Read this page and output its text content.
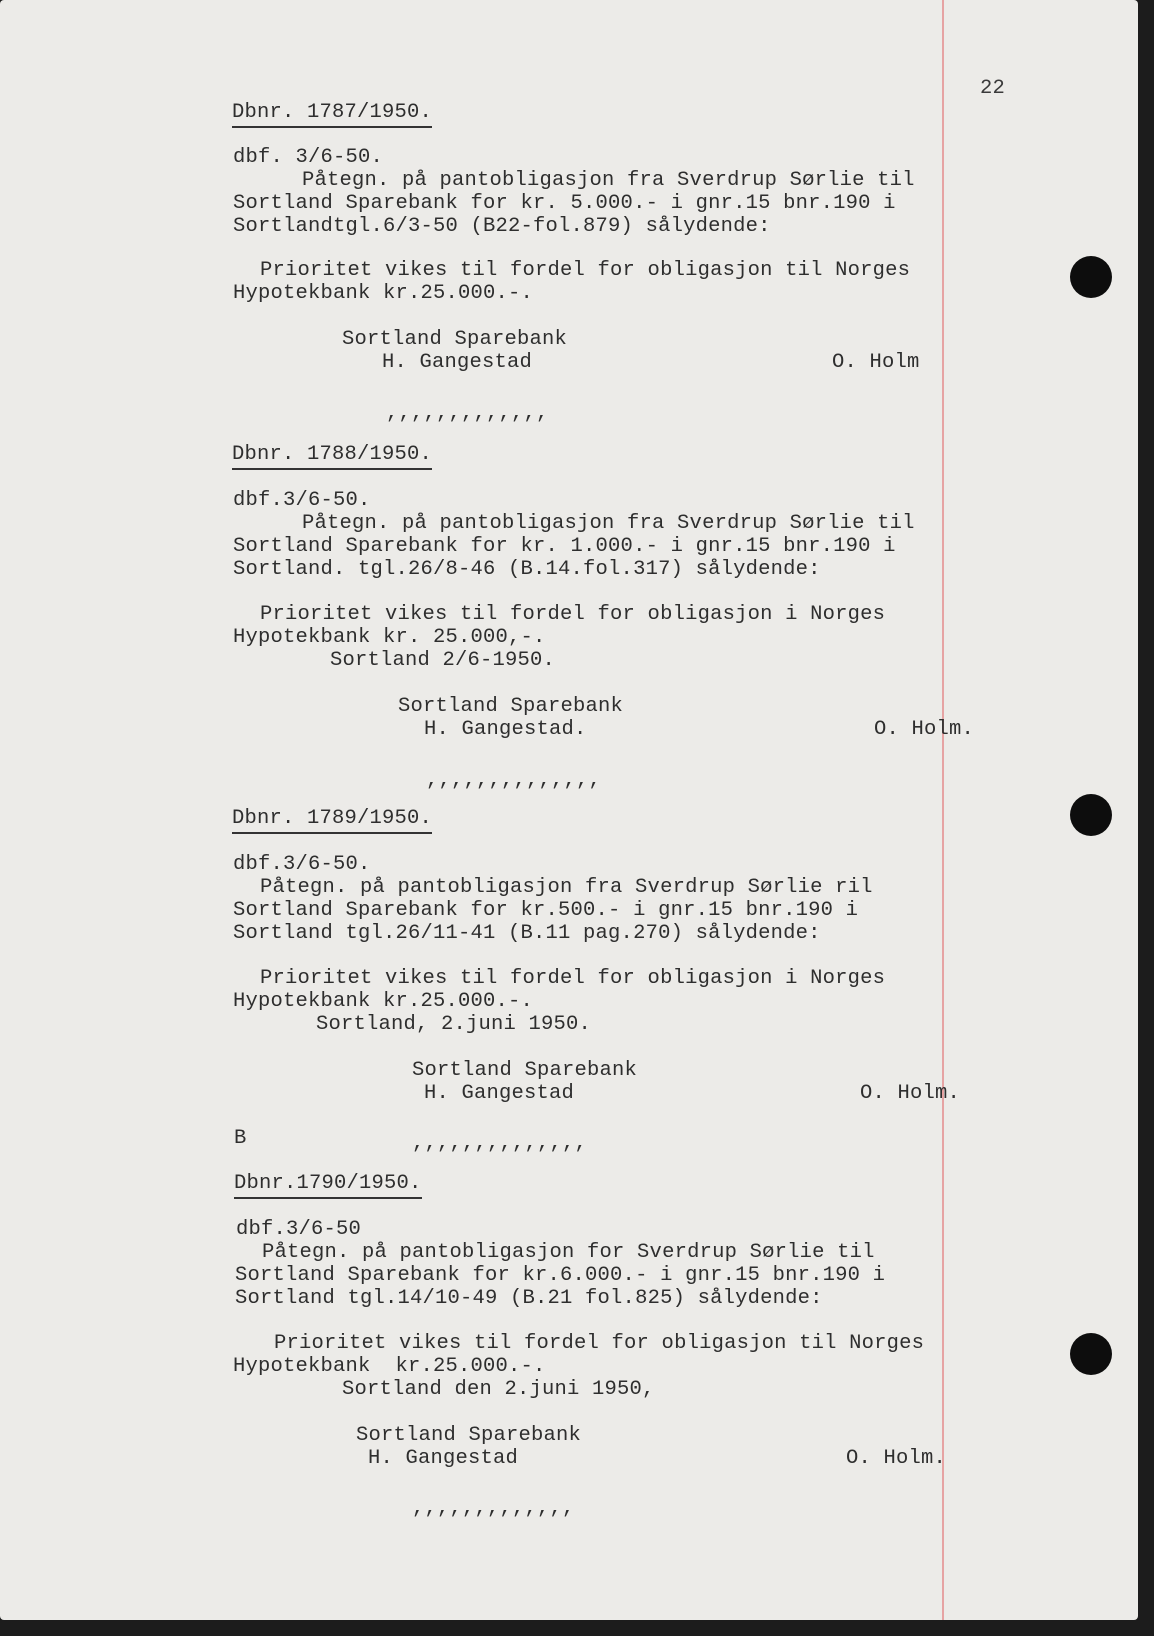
22
Dbnr. 1787/1950.
dbf. 3/6-50.
Påtegn. på pantobligasjon fra Sverdrup Sørlie til
Sortland Sparebank for kr. 5.000.- i gnr.15 bnr.190 i
Sortlandtgl.6/3-50 (B22-fol.879) sålydende:
Prioritet vikes til fordel for obligasjon til Norges
Hypotekbank kr.25.000.-.
Sortland Sparebank
H. Gangestad	O. Holm
,,,,,,,,,,,,,
Dbnr. 1788/1950.
dbf.3/6-50.
Påtegn. på pantobligasjon fra Sverdrup Sørlie til
Sortland Sparebank for kr. 1.000.- i gnr.15 bnr.190 i
Sortland. tgl.26/8-46 (B.14.fol.317) sålydende:
Prioritet vikes til fordel for obligasjon i Norges
Hypotekbank kr. 25.000,-.
Sortland 2/6-1950.
Sortland Sparebank
H. Gangestad.	O. Holm.
,,,,,,,,,,,,,,
Dbnr. 1789/1950.
dbf.3/6-50.
Påtegn. på pantobligasjon fra Sverdrup Sørlie ril
Sortland Sparebank for kr.500.- i gnr.15 bnr.190 i
Sortland tgl.26/11-41 (B.11 pag.270) sålydende:
Prioritet vikes til fordel for obligasjon i Norges
Hypotekbank kr.25.000.-.
Sortland, 2.juni 1950.
Sortland Sparebank
H. Gangestad	O. Holm.
B	,,,,,,,,,,,,,,
Dbnr.1790/1950.
dbf.3/6-50
Påtegn. på pantobligasjon for Sverdrup Sørlie til
Sortland Sparebank for kr.6.000.- i gnr.15 bnr.190 i
Sortland tgl.14/10-49 (B.21 fol.825) sålydende:
Prioritet vikes til fordel for obligasjon til Norges
Hypotekbank  kr.25.000.-.
Sortland den 2.juni 1950,
Sortland Sparebank
H. Gangestad	O. Holm.
,,,,,,,,,,,,,
